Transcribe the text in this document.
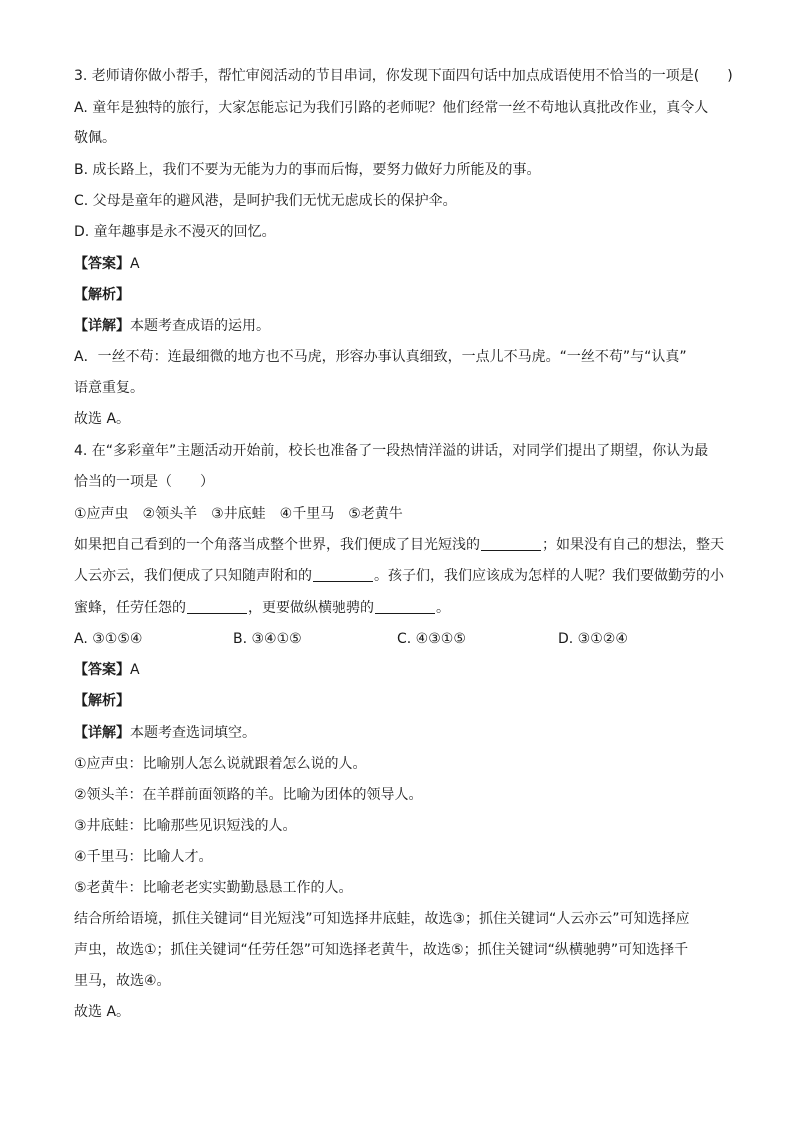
3. 老师请你做小帮手，帮忙审阅活动的节目串词，你发现下面四句话中加点成语使用不恰当的一项是(　　)
A. 童年是独特的旅行，大家怎能忘记为我们引路的老师呢？他们经常一丝不苟地认真批改作业，真令人
敬佩。
B. 成长路上，我们不要为无能为力的事而后悔，要努力做好力所能及的事。
C. 父母是童年的避风港，是呵护我们无忧无虑成长的保护伞。
D. 童年趣事是永不漫灭的回忆。
【答案】A
【解析】
【详解】本题考查成语的运用。
A．一丝不苟：连最细微的地方也不马虎，形容办事认真细致，一点儿不马虎。“一丝不苟”与“认真”
语意重复。
故选 A。
4. 在“多彩童年”主题活动开始前，校长也准备了一段热情洋溢的讲话，对同学们提出了期望，你认为最
恰当的一项是（　　）
①应声虫　②领头羊　③井底蛙　④千里马　⑤老黄牛
如果把自己看到的一个角落当成整个世界，我们便成了目光短浅的	；如果没有自己的想法，整天
人云亦云，我们便成了只知随声附和的	。孩子们，我们应该成为怎样的人呢？我们要做勤劳的小
蜜蜂，任劳任怨的	，更要做纵横驰骋的	。
A. ③①⑤④	B. ③④①⑤	C. ④③①⑤	D. ③①②④
【答案】A
【解析】
【详解】本题考查选词填空。
①应声虫：比喻别人怎么说就跟着怎么说的人。
②领头羊：在羊群前面领路的羊。比喻为团体的领导人。
③井底蛙：比喻那些见识短浅的人。
④千里马：比喻人才。
⑤老黄牛：比喻老老实实勤勤恳恳工作的人。
结合所给语境，抓住关键词“目光短浅”可知选择井底蛙，故选③；抓住关键词“人云亦云”可知选择应
声虫，故选①；抓住关键词“任劳任怨”可知选择老黄牛，故选⑤；抓住关键词“纵横驰骋”可知选择千
里马，故选④。
故选 A。
